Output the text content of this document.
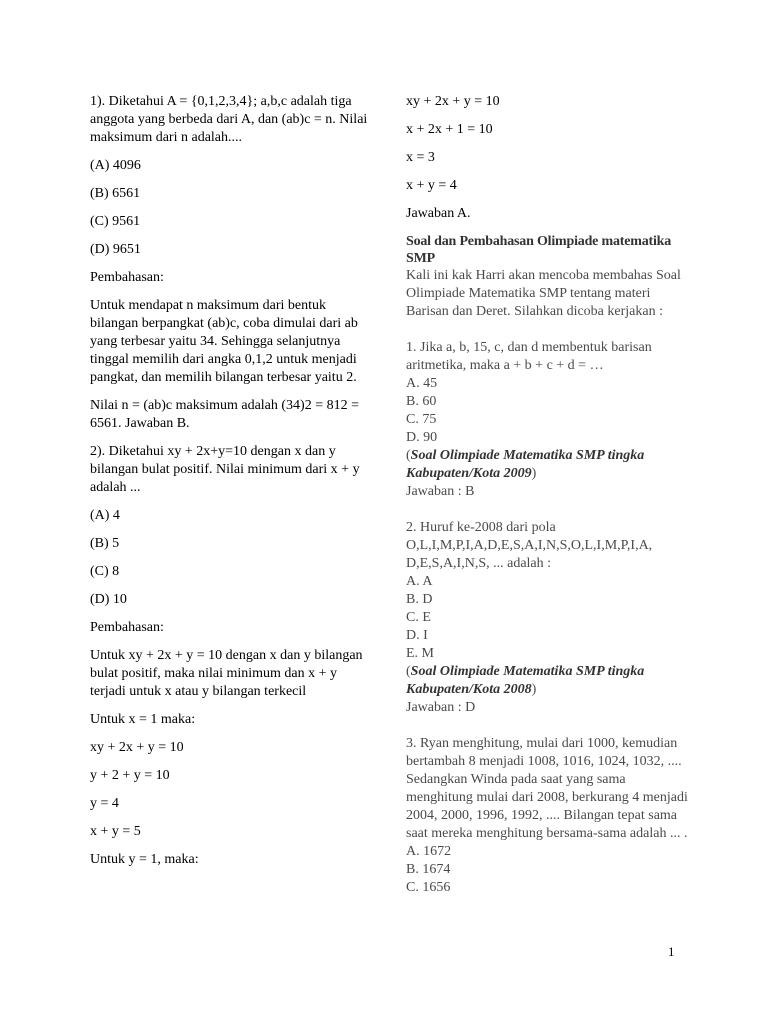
1). Diketahui A = {0,1,2,3,4}; a,b,c adalah tiga anggota yang berbeda dari A, dan (ab)c = n. Nilai maksimum dari n adalah....

(A) 4096

(B) 6561

(C) 9561

(D) 9651

Pembahasan:

Untuk mendapat n maksimum dari bentuk bilangan berpangkat (ab)c, coba dimulai dari ab yang terbesar yaitu 34. Sehingga selanjutnya tinggal memilih dari angka 0,1,2 untuk menjadi pangkat, dan memilih bilangan terbesar yaitu 2.

Nilai n = (ab)c maksimum adalah (34)2 = 812 = 6561. Jawaban B.

2). Diketahui xy + 2x+y=10 dengan x dan y bilangan bulat positif. Nilai minimum dari x + y adalah ...

(A) 4

(B) 5

(C) 8

(D) 10

Pembahasan:

Untuk xy + 2x + y = 10 dengan x dan y bilangan bulat positif, maka nilai minimum dan x + y terjadi untuk x atau y bilangan terkecil

Untuk x = 1 maka:

xy + 2x + y = 10

y + 2 + y = 10

y = 4

x + y = 5

Untuk y = 1, maka:

xy + 2x + y = 10

x + 2x + 1 = 10

x = 3

x + y = 4

Jawaban A.

Soal dan Pembahasan Olimpiade matematika SMP

Kali ini kak Harri akan mencoba membahas Soal Olimpiade Matematika SMP tentang materi Barisan dan Deret. Silahkan dicoba kerjakan :

1. Jika a, b, 15, c, dan d membentuk barisan aritmetika, maka a + b + c + d = …

A. 45

B. 60

C. 75

D. 90

(Soal Olimpiade Matematika SMP tingka Kabupaten/Kota 2009)

Jawaban : B

2. Huruf ke-2008 dari pola O,L,I,M,P,I,A,D,E,S,A,I,N,S,O,L,I,M,P,I,A, D,E,S,A,I,N,S, ... adalah :

A. A

B. D

C. E

D. I

E. M

(Soal Olimpiade Matematika SMP tingka Kabupaten/Kota 2008)

Jawaban : D

3. Ryan menghitung, mulai dari 1000, kemudian bertambah 8 menjadi 1008, 1016, 1024, 1032, .... Sedangkan Winda pada saat yang sama menghitung mulai dari 2008, berkurang 4 menjadi 2004, 2000, 1996, 1992, .... Bilangan tepat sama saat mereka menghitung bersama-sama adalah ... .

A. 1672

B. 1674

C. 1656

1
